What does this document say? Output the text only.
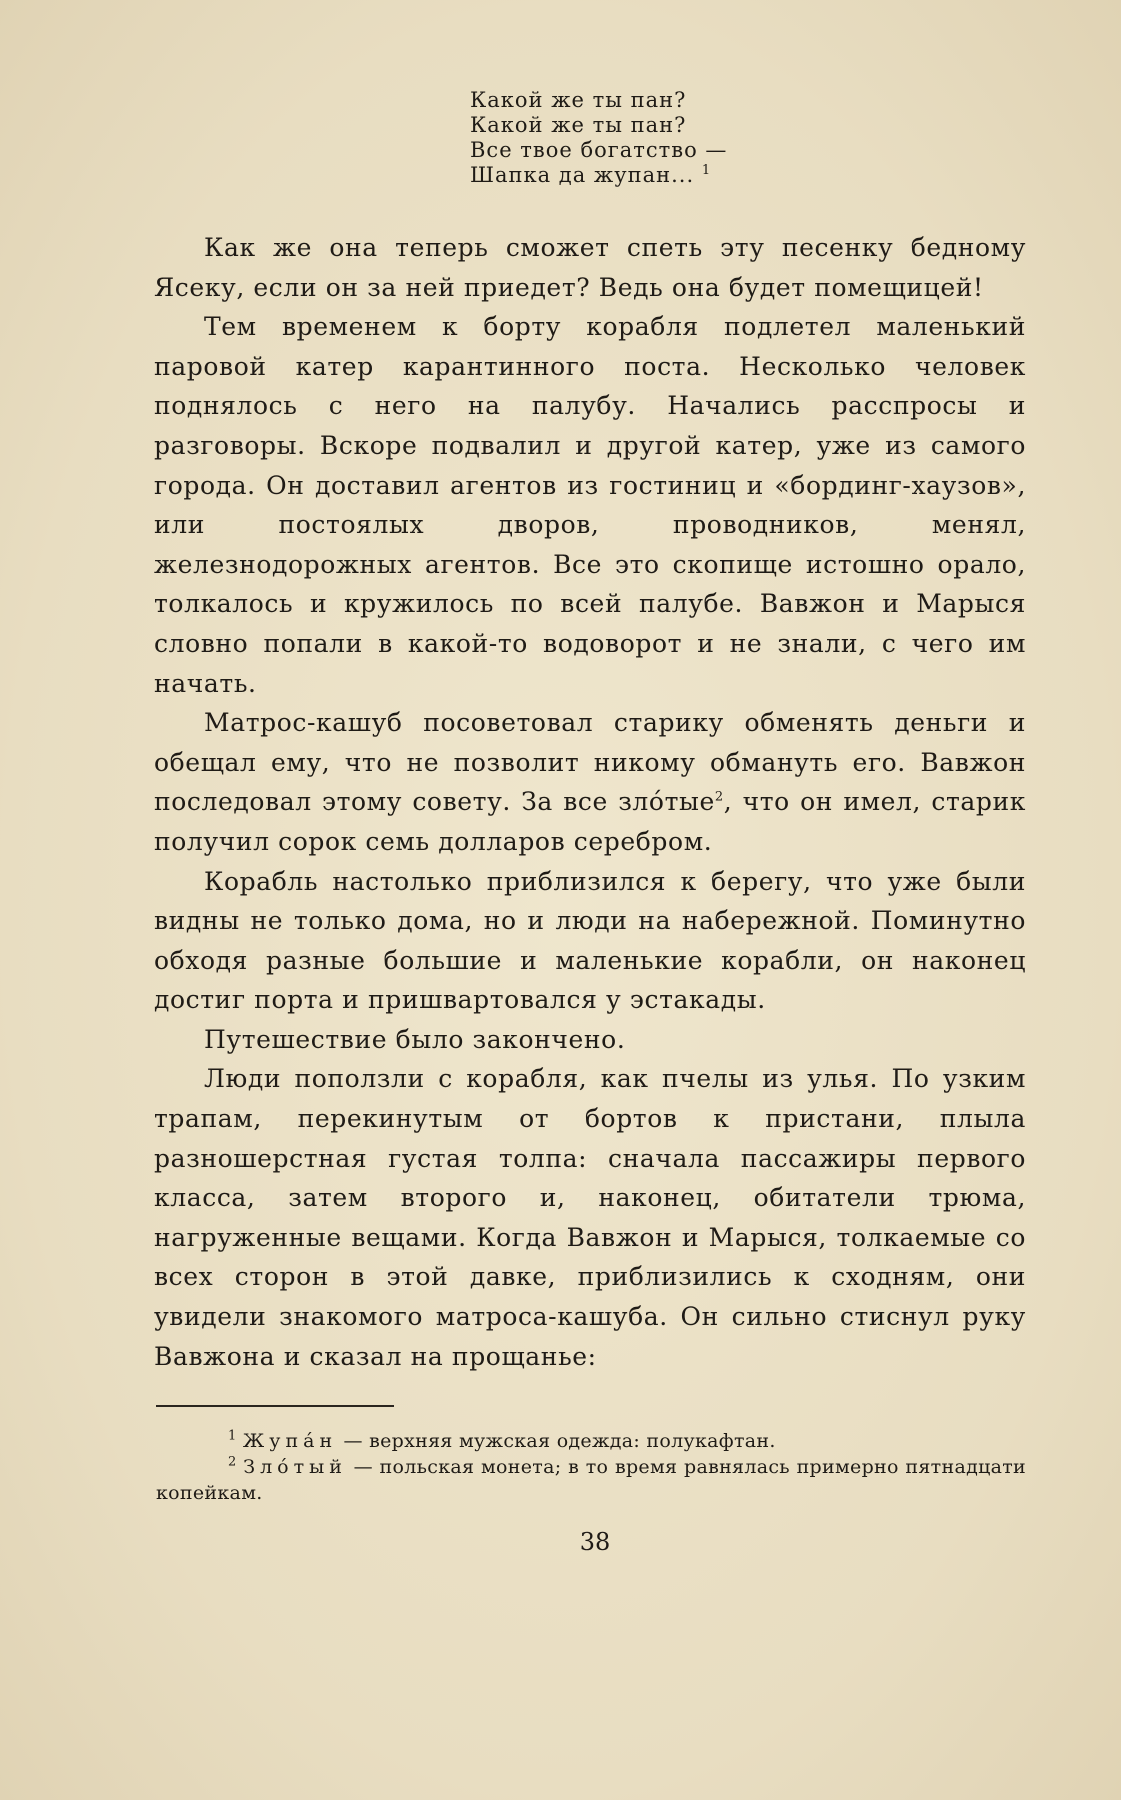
Какой же ты пан?
Какой же ты пан?
Все твое богатство —
Шапка да жупан... $^1$

Как же она теперь сможет спеть эту песенку бедному Ясеку, если он за ней приедет? Ведь она будет помещицей!

Тем временем к борту корабля подлетел маленький паровой катер карантинного поста. Несколько человек поднялось с него на палубу. Начались расспросы и разговоры. Вскоре подвалил и другой катер, уже из самого города. Он доставил агентов из гостиниц и «бординг-хаузов», или постоялых дворов, проводников, менял, железнодорожных агентов. Все это скопище истошно орало, толкалось и кружилось по всей палубе. Вавжон и Марыся словно попали в какой-то водоворот и не знали, с чего им начать.

Матрос-кашуб посоветовал старику обменять деньги и обещал ему, что не позволит никому обмануть его. Вавжон последовал этому совету. За все злóтые$^2$, что он имел, старик получил сорок семь долларов серебром.

Корабль настолько приблизился к берегу, что уже были видны не только дома, но и люди на набережной. Поминутно обходя разные большие и маленькие корабли, он наконец достиг порта и пришвартовался у эстакады.

Путешествие было закончено.

Люди поползли с корабля, как пчелы из улья. По узким трапам, перекинутым от бортов к пристани, плыла разношерстная густая толпа: сначала пассажиры первого класса, затем второго и, наконец, обитатели трюма, нагруженные вещами. Когда Вавжон и Марыся, толкаемые со всех сторон в этой давке, приблизились к сходням, они увидели знакомого матроса-кашуба. Он сильно стиснул руку Вавжона и сказал на прощанье:

$^1$ Жупáн — верхняя мужская одежда: полукафтан.

$^2$ Злóтый — польская монета; в то время равнялась примерно пятнадцати копейкам.

38
